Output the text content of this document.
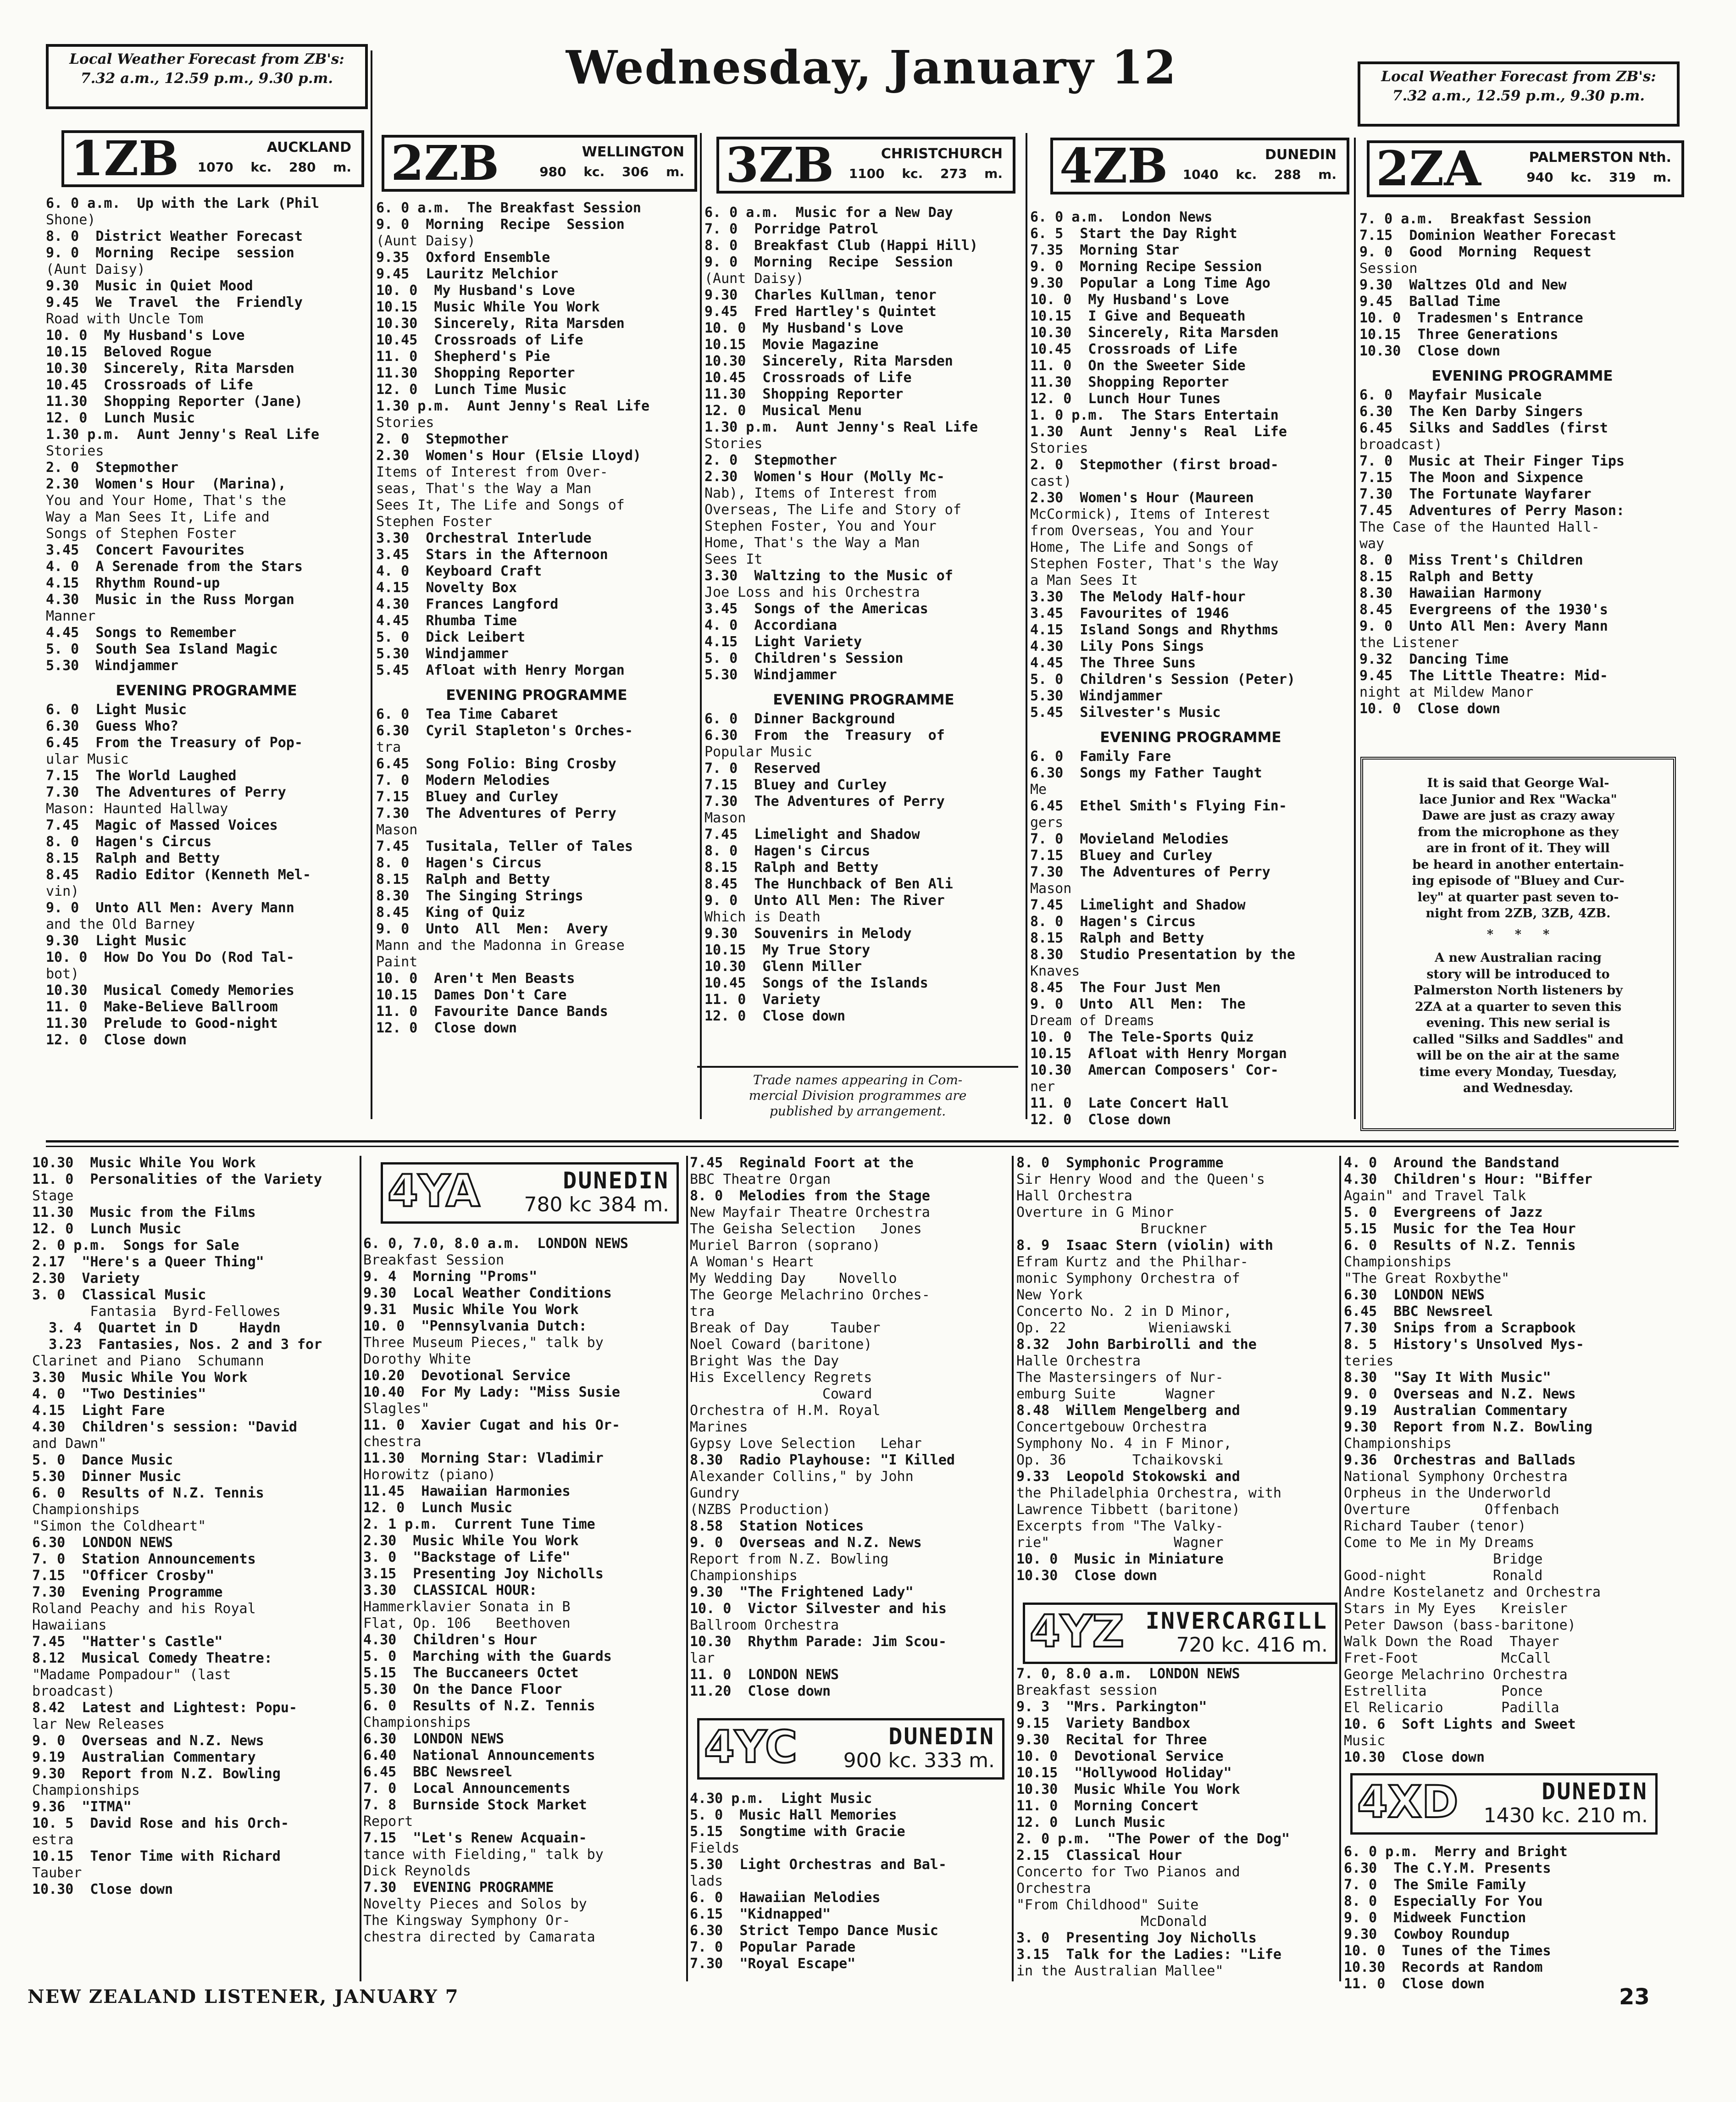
Local Weather Forecast from ZB's:
7.32 a.m., 12.59 p.m., 9.30 p.m.	Wednesday, January 12	Local Weather Forecast from ZB's:
7.32 a.m., 12.59 p.m., 9.30 p.m.
1ZB	AUCKLAND
1070 kc. 280 m. 2ZB	WELLINGTON
980 kc. 306 m. 3ZB	CHRISTCHURCH
1100 kc. 273 m. 4ZB	DUNEDIN
1040 kc. 288 m. 2ZA	PALMERSTON Nth.
940 kc. 319 m.
6. 0 a.m.  Up with the Lark (Phil
Shone)
8. 0  District Weather Forecast
9. 0  Morning  Recipe  session
(Aunt Daisy)
9.30  Music in Quiet Mood
9.45  We  Travel  the  Friendly
Road with Uncle Tom
10. 0  My Husband's Love
10.15  Beloved Rogue
10.30  Sincerely, Rita Marsden
10.45  Crossroads of Life
11.30  Shopping Reporter (Jane)
12. 0  Lunch Music
1.30 p.m.  Aunt Jenny's Real Life
Stories
2. 0  Stepmother
2.30  Women's Hour  (Marina),
You and Your Home, That's the
Way a Man Sees It, Life and
Songs of Stephen Foster
3.45  Concert Favourites
4. 0  A Serenade from the Stars
4.15  Rhythm Round-up
4.30  Music in the Russ Morgan
Manner
4.45  Songs to Remember
5. 0  South Sea Island Magic
5.30  Windjammer
EVENING PROGRAMME
6. 0  Light Music
6.30  Guess Who?
6.45  From the Treasury of Pop-
ular Music
7.15  The World Laughed
7.30  The Adventures of Perry
Mason: Haunted Hallway
7.45  Magic of Massed Voices
8. 0  Hagen's Circus
8.15  Ralph and Betty
8.45  Radio Editor (Kenneth Mel-
vin)
9. 0  Unto All Men: Avery Mann
and the Old Barney
9.30  Light Music
10. 0  How Do You Do (Rod Tal-
bot)
10.30  Musical Comedy Memories
11. 0  Make-Believe Ballroom
11.30  Prelude to Good-night
12. 0  Close down
6. 0 a.m.  The Breakfast Session
9. 0  Morning  Recipe  Session
(Aunt Daisy)
9.35  Oxford Ensemble
9.45  Lauritz Melchior
10. 0  My Husband's Love
10.15  Music While You Work
10.30  Sincerely, Rita Marsden
10.45  Crossroads of Life
11. 0  Shepherd's Pie
11.30  Shopping Reporter
12. 0  Lunch Time Music
1.30 p.m.  Aunt Jenny's Real Life
Stories
2. 0  Stepmother
2.30  Women's Hour (Elsie Lloyd)
Items of Interest from Over-
seas, That's the Way a Man
Sees It, The Life and Songs of
Stephen Foster
3.30  Orchestral Interlude
3.45  Stars in the Afternoon
4. 0  Keyboard Craft
4.15  Novelty Box
4.30  Frances Langford
4.45  Rhumba Time
5. 0  Dick Leibert
5.30  Windjammer
5.45  Afloat with Henry Morgan
EVENING PROGRAMME
6. 0  Tea Time Cabaret
6.30  Cyril Stapleton's Orches-
tra
6.45  Song Folio: Bing Crosby
7. 0  Modern Melodies
7.15  Bluey and Curley
7.30  The Adventures of Perry
Mason
7.45  Tusitala, Teller of Tales
8. 0  Hagen's Circus
8.15  Ralph and Betty
8.30  The Singing Strings
8.45  King of Quiz
9. 0  Unto  All  Men:  Avery
Mann and the Madonna in Grease
Paint
10. 0  Aren't Men Beasts
10.15  Dames Don't Care
11. 0  Favourite Dance Bands
12. 0  Close down
6. 0 a.m.  Music for a New Day
7. 0  Porridge Patrol
8. 0  Breakfast Club (Happi Hill)
9. 0  Morning  Recipe  Session
(Aunt Daisy)
9.30  Charles Kullman, tenor
9.45  Fred Hartley's Quintet
10. 0  My Husband's Love
10.15  Movie Magazine
10.30  Sincerely, Rita Marsden
10.45  Crossroads of Life
11.30  Shopping Reporter
12. 0  Musical Menu
1.30 p.m.  Aunt Jenny's Real Life
Stories
2. 0  Stepmother
2.30  Women's Hour (Molly Mc-
Nab), Items of Interest from
Overseas, The Life and Story of
Stephen Foster, You and Your
Home, That's the Way a Man
Sees It
3.30  Waltzing to the Music of
Joe Loss and his Orchestra
3.45  Songs of the Americas
4. 0  Accordiana
4.15  Light Variety
5. 0  Children's Session
5.30  Windjammer
EVENING PROGRAMME
6. 0  Dinner Background
6.30  From  the  Treasury  of
Popular Music
7. 0  Reserved
7.15  Bluey and Curley
7.30  The Adventures of Perry
Mason
7.45  Limelight and Shadow
8. 0  Hagen's Circus
8.15  Ralph and Betty
8.45  The Hunchback of Ben Ali
9. 0  Unto All Men: The River
Which is Death
9.30  Souvenirs in Melody
10.15  My True Story
10.30  Glenn Miller
10.45  Songs of the Islands
11. 0  Variety
12. 0  Close down
6. 0 a.m.  London News
6. 5  Start the Day Right
7.35  Morning Star
9. 0  Morning Recipe Session
9.30  Popular a Long Time Ago
10. 0  My Husband's Love
10.15  I Give and Bequeath
10.30  Sincerely, Rita Marsden
10.45  Crossroads of Life
11. 0  On the Sweeter Side
11.30  Shopping Reporter
12. 0  Lunch Hour Tunes
1. 0 p.m.  The Stars Entertain
1.30  Aunt  Jenny's  Real  Life
Stories
2. 0  Stepmother (first broad-
cast)
2.30  Women's Hour (Maureen
McCormick), Items of Interest
from Overseas, You and Your
Home, The Life and Songs of
Stephen Foster, That's the Way
a Man Sees It
3.30  The Melody Half-hour
3.45  Favourites of 1946
4.15  Island Songs and Rhythms
4.30  Lily Pons Sings
4.45  The Three Suns
5. 0  Children's Session (Peter)
5.30  Windjammer
5.45  Silvester's Music
EVENING PROGRAMME
6. 0  Family Fare
6.30  Songs my Father Taught
Me
6.45  Ethel Smith's Flying Fin-
gers
7. 0  Movieland Melodies
7.15  Bluey and Curley
7.30  The Adventures of Perry
Mason
7.45  Limelight and Shadow
8. 0  Hagen's Circus
8.15  Ralph and Betty
8.30  Studio Presentation by the
Knaves
8.45  The Four Just Men
9. 0  Unto  All  Men:  The
Dream of Dreams
10. 0  The Tele-Sports Quiz
10.15  Afloat with Henry Morgan
10.30  Amercan Composers' Cor-
ner
11. 0  Late Concert Hall
12. 0  Close down
7. 0 a.m.  Breakfast Session
7.15  Dominion Weather Forecast
9. 0  Good  Morning  Request
Session
9.30  Waltzes Old and New
9.45  Ballad Time
10. 0  Tradesmen's Entrance
10.15  Three Generations
10.30  Close down
EVENING PROGRAMME
6. 0  Mayfair Musicale
6.30  The Ken Darby Singers
6.45  Silks and Saddles (first
broadcast)
7. 0  Music at Their Finger Tips
7.15  The Moon and Sixpence
7.30  The Fortunate Wayfarer
7.45  Adventures of Perry Mason:
The Case of the Haunted Hall-
way
8. 0  Miss Trent's Children
8.15  Ralph and Betty
8.30  Hawaiian Harmony
8.45  Evergreens of the 1930's
9. 0  Unto All Men: Avery Mann
the Listener
9.32  Dancing Time
9.45  The Little Theatre: Mid-
night at Mildew Manor
10. 0  Close down
Trade names appearing in Com-
mercial Division programmes are
published by arrangement.
It is said that George Wal-
lace Junior and Rex "Wacka"
Dawe are just as crazy away
from the microphone as they
are in front of it. They will
be heard in another entertain-
ing episode of "Bluey and Cur-
ley" at quarter past seven to-
night from 2ZB, 3ZB, 4ZB.
*     *     *
A new Australian racing
story will be introduced to
Palmerston North listeners by
2ZA at a quarter to seven this
evening. This new serial is
called "Silks and Saddles" and
will be on the air at the same
time every Monday, Tuesday,
and Wednesday.
4YA	DUNEDIN
780 kc 384 m.
4YC	DUNEDIN
900 kc. 333 m.
4YZ INVERCARGILL
720 kc. 416 m.
4XD	DUNEDIN
1430 kc. 210 m.
10.30  Music While You Work
11. 0  Personalities of the Variety
Stage
11.30  Music from the Films
12. 0  Lunch Music
2. 0 p.m.  Songs for Sale
2.17  "Here's a Queer Thing"
2.30  Variety
3. 0  Classical Music
Fantasia  Byrd-Fellowes
3. 4  Quartet in D     Haydn
3.23  Fantasies, Nos. 2 and 3 for
Clarinet and Piano  Schumann
3.30  Music While You Work
4. 0  "Two Destinies"
4.15  Light Fare
4.30  Children's session: "David
and Dawn"
5. 0  Dance Music
5.30  Dinner Music
6. 0  Results of N.Z. Tennis
Championships
"Simon the Coldheart"
6.30  LONDON NEWS
7. 0  Station Announcements
7.15  "Officer Crosby"
7.30  Evening Programme
Roland Peachy and his Royal
Hawaiians
7.45  "Hatter's Castle"
8.12  Musical Comedy Theatre:
"Madame Pompadour" (last
broadcast)
8.42  Latest and Lightest: Popu-
lar New Releases
9. 0  Overseas and N.Z. News
9.19  Australian Commentary
9.30  Report from N.Z. Bowling
Championships
9.36  "ITMA"
10. 5  David Rose and his Orch-
estra
10.15  Tenor Time with Richard
Tauber
10.30  Close down
6. 0, 7.0, 8.0 a.m.  LONDON NEWS
Breakfast Session
9. 4  Morning "Proms"
9.30  Local Weather Conditions
9.31  Music While You Work
10. 0  "Pennsylvania Dutch:
Three Museum Pieces," talk by
Dorothy White
10.20  Devotional Service
10.40  For My Lady: "Miss Susie
Slagles"
11. 0  Xavier Cugat and his Or-
chestra
11.30  Morning Star: Vladimir
Horowitz (piano)
11.45  Hawaiian Harmonies
12. 0  Lunch Music
2. 1 p.m.  Current Tune Time
2.30  Music While You Work
3. 0  "Backstage of Life"
3.15  Presenting Joy Nicholls
3.30  CLASSICAL HOUR:
Hammerklavier Sonata in B
Flat, Op. 106   Beethoven
4.30  Children's Hour
5. 0  Marching with the Guards
5.15  The Buccaneers Octet
5.30  On the Dance Floor
6. 0  Results of N.Z. Tennis
Championships
6.30  LONDON NEWS
6.40  National Announcements
6.45  BBC Newsreel
7. 0  Local Announcements
7. 8  Burnside Stock Market
Report
7.15  "Let's Renew Acquain-
tance with Fielding," talk by
Dick Reynolds
7.30  EVENING PROGRAMME
Novelty Pieces and Solos by
The Kingsway Symphony Or-
chestra directed by Camarata
7.45  Reginald Foort at the
BBC Theatre Organ
8. 0  Melodies from the Stage
New Mayfair Theatre Orchestra
The Geisha Selection   Jones
Muriel Barron (soprano)
A Woman's Heart
My Wedding Day    Novello
The George Melachrino Orches-
tra
Break of Day     Tauber
Noel Coward (baritone)
Bright Was the Day
His Excellency Regrets
Coward
Orchestra of H.M. Royal
Marines
Gypsy Love Selection   Lehar
8.30  Radio Playhouse: "I Killed
Alexander Collins," by John
Gundry
(NZBS Production)
8.58  Station Notices
9. 0  Overseas and N.Z. News
Report from N.Z. Bowling
Championships
9.30  "The Frightened Lady"
10. 0  Victor Silvester and his
Ballroom Orchestra
10.30  Rhythm Parade: Jim Scou-
lar
11. 0  LONDON NEWS
11.20  Close down
4.30 p.m.  Light Music
5. 0  Music Hall Memories
5.15  Songtime with Gracie
Fields
5.30  Light Orchestras and Bal-
lads
6. 0  Hawaiian Melodies
6.15  "Kidnapped"
6.30  Strict Tempo Dance Music
7. 0  Popular Parade
7.30  "Royal Escape"
8. 0  Symphonic Programme
Sir Henry Wood and the Queen's
Hall Orchestra
Overture in G Minor
Bruckner
8. 9  Isaac Stern (violin) with
Efram Kurtz and the Philhar-
monic Symphony Orchestra of
New York
Concerto No. 2 in D Minor,
Op. 22          Wieniawski
8.32  John Barbirolli and the
Halle Orchestra
The Mastersingers of Nur-
emburg Suite      Wagner
8.48  Willem Mengelberg and
Concertgebouw Orchestra
Symphony No. 4 in F Minor,
Op. 36        Tchaikovski
9.33  Leopold Stokowski and
the Philadelphia Orchestra, with
Lawrence Tibbett (baritone)
Excerpts from "The Valky-
rie"               Wagner
10. 0  Music in Miniature
10.30  Close down
7. 0, 8.0 a.m.  LONDON NEWS
Breakfast session
9. 3  "Mrs. Parkington"
9.15  Variety Bandbox
9.30  Recital for Three
10. 0  Devotional Service
10.15  "Hollywood Holiday"
10.30  Music While You Work
11. 0  Morning Concert
12. 0  Lunch Music
2. 0 p.m.  "The Power of the Dog"
2.15  Classical Hour
Concerto for Two Pianos and
Orchestra
"From Childhood" Suite
McDonald
3. 0  Presenting Joy Nicholls
3.15  Talk for the Ladies: "Life
in the Australian Mallee"
4. 0  Around the Bandstand
4.30  Children's Hour: "Biffer
Again" and Travel Talk
5. 0  Evergreens of Jazz
5.15  Music for the Tea Hour
6. 0  Results of N.Z. Tennis
Championships
"The Great Roxbythe"
6.30  LONDON NEWS
6.45  BBC Newsreel
7.30  Snips from a Scrapbook
8. 5  History's Unsolved Mys-
teries
8.30  "Say It With Music"
9. 0  Overseas and N.Z. News
9.19  Australian Commentary
9.30  Report from N.Z. Bowling
Championships
9.36  Orchestras and Ballads
National Symphony Orchestra
Orpheus in the Underworld
Overture         Offenbach
Richard Tauber (tenor)
Come to Me in My Dreams
Bridge
Good-night        Ronald
Andre Kostelanetz and Orchestra
Stars in My Eyes   Kreisler
Peter Dawson (bass-baritone)
Walk Down the Road  Thayer
Fret-Foot          McCall
George Melachrino Orchestra
Estrellita         Ponce
El Relicario       Padilla
10. 6  Soft Lights and Sweet
Music
10.30  Close down
6. 0 p.m.  Merry and Bright
6.30  The C.Y.M. Presents
7. 0  The Smile Family
8. 0  Especially For You
9. 0  Midweek Function
9.30  Cowboy Roundup
10. 0  Tunes of the Times
10.30  Records at Random
11. 0  Close down
NEW ZEALAND LISTENER, JANUARY 7	23
